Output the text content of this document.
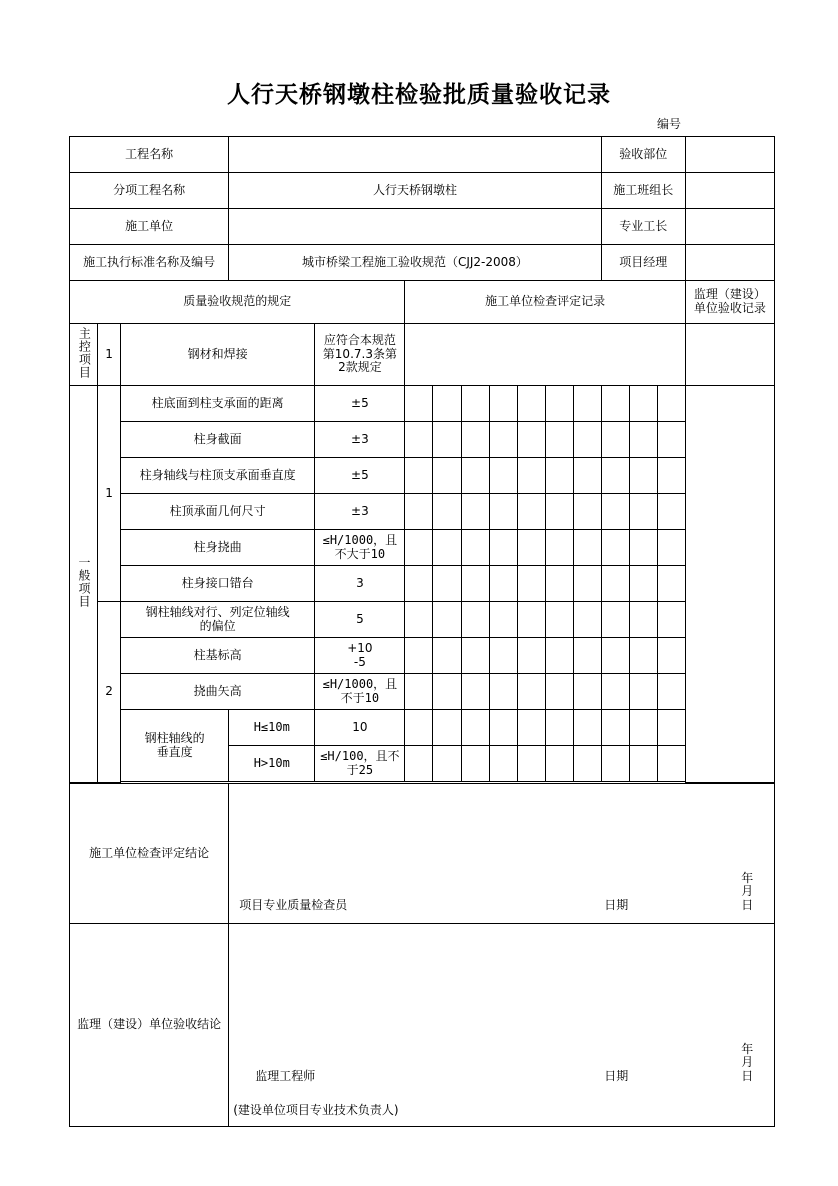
人行天桥钢墩柱检验批质量验收记录
编号
工程名称												验收部位			
分项工程名称			人行天桥钢墩柱									施工班组长			
施工单位												专业工长			
施工执行标准名称及编号			城市桥梁工程施工验收规范（CJJ2-2008）									项目经理			
质量验收规范的规定					施工单位检查评定记录										监理（建设）单位验收记录
主控项目	1	钢材和焊接		应符合本规范第10.7.3条第2款规定											
一般项目	1	柱底面到柱支承面的距离		±5											
		柱身截面		±3											
		柱身轴线与柱顶支承面垂直度		±5											
		柱顶承面几何尺寸		±3											
		柱身挠曲		≤H/1000，且不大于10											
		柱身接口错台		3											
	2	钢柱轴线对行、列定位轴线的偏位		5											
		柱基标高		+10
-5											

		挠曲矢高		≤H/1000，且不于10											
		钢柱轴线的垂直度	H≤10m	10											
			H>10m	≤H/100，且不于25											

施工单位检查评定结论			项目专业质量检查员 日期
年　月　日												

监理（建设）单位验收结论			监理工程师 日期
年　月　日
(建设单位项目专业技术负责人)												
